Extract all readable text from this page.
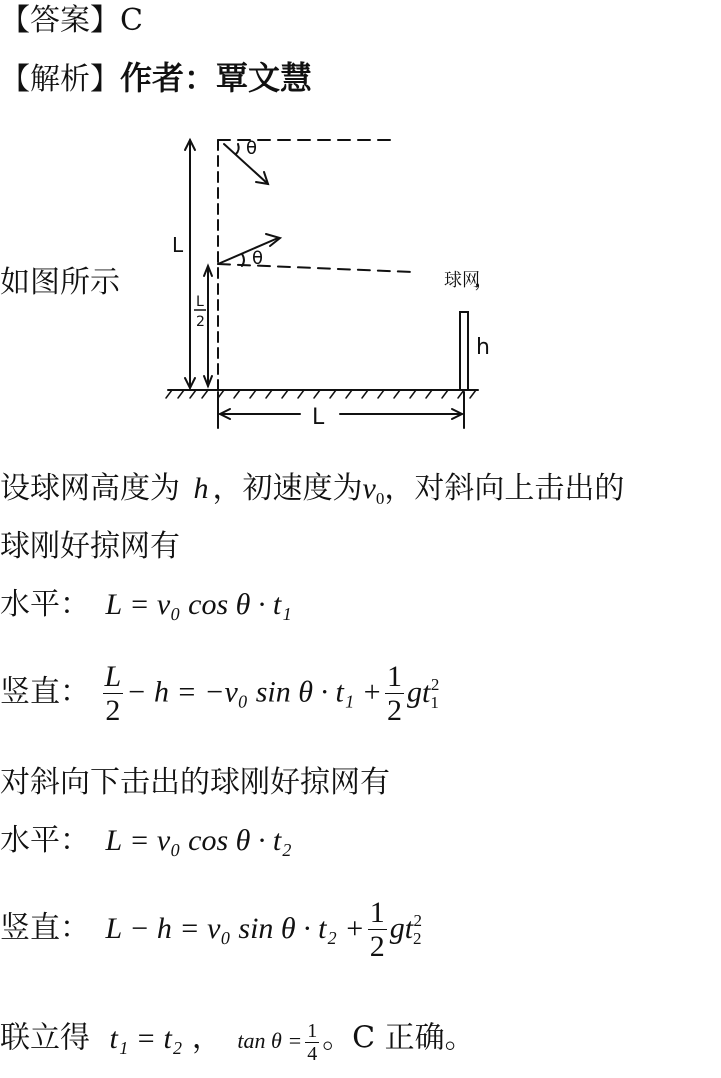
【答案】C
【解析】作者：覃文慧
如图所示
θ
θ
L
L
2
球网
，
h
L
设球网高度为 h ，初速度为$v_0$，对斜向上击出的
球刚好掠网有
水平： L = v₀ cos θ · t₁
竖直： $\frac{L}{2} - h = -v_0$ $\sin \theta \cdot t_1 + \frac{1}{2} gt_1^2$
对斜向下击出的球刚好掠网有
水平： L = v₀ cos θ · t₂
竖直： L − h = v₀ $\sin \theta \cdot t_2 + \frac{1}{2} gt_2^2$
联立得 t₁ = t₂ ， $\tan \theta = \frac{1}{4}$ 。C 正确。
